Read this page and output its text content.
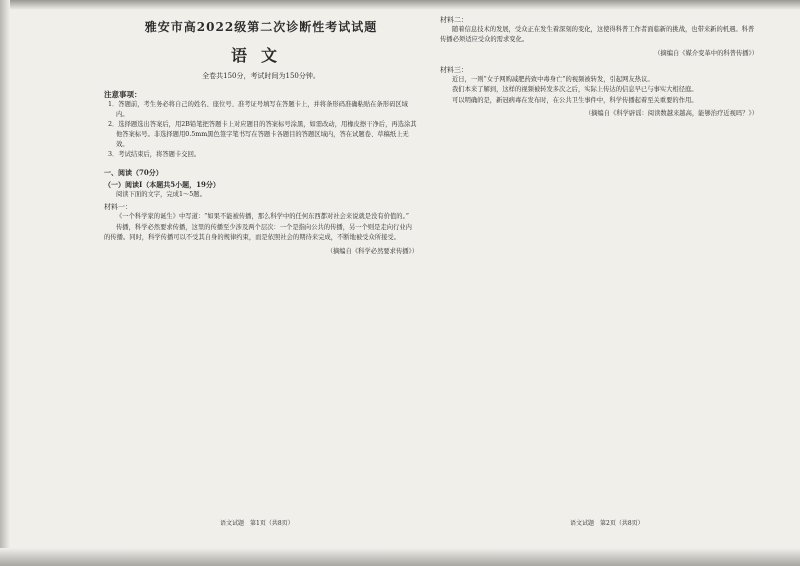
雅安市高2022级第二次诊断性考试试题
语文
全卷共150分，考试时间为150分钟。
注意事项：
1．答题前，考生务必将自己的姓名、座位号、准考证号填写在答题卡上，并将条形码准确粘贴在条形码区域内。
2．选择题选出答案后，用2B铅笔把答题卡上对应题目的答案标号涂黑，如需改动，用橡皮擦干净后，再选涂其他答案标号。非选择题用0.5mm黑色签字笔书写在答题卡各题目的答题区域内，答在试题卷、草稿纸上无效。
3．考试结束后，将答题卡交回。
一、阅读（70分）
（一）阅读Ⅰ（本题共5小题，19分）
阅读下面的文字，完成1～5题。
材料一：
《一个科学家的诞生》中写道：“如果不能被传播，那么科学中的任何东西都对社会来说就是没有价值的。”
传播，科学必然要求传播，这里的传播至少涉及两个层次：一个是指向公共的传播，另一个则是走向行业内的传播。同时，科学传播可以不受其自身的规律约束，而是依照社会的期待来完成，不断地被受众所接受。
（摘编自《科学必然要求传播》）
语文试题　第1页（共8页）
材料二：
随着信息技术的发展，受众正在发生着深刻的变化，这使得科普工作者面临新的挑战，也带来新的机遇。科普传播必须适应受众的需求变化。
（摘编自《媒介变革中的科普传播》）
材料三：
近日，一则“女子网购减肥药致中毒身亡”的视频被转发，引起网友热议。
我们本来了解到，这样的视频被转发多次之后，实际上传达的信息早已与事实大相径庭。
可以明确的是，新冠病毒在发布时，在公共卫生事件中，科学传播起着至关重要的作用。
（摘编自《科学辟谣：阅读数越来越高，能够治疗近视吗？》）
语文试题　第2页（共8页）
